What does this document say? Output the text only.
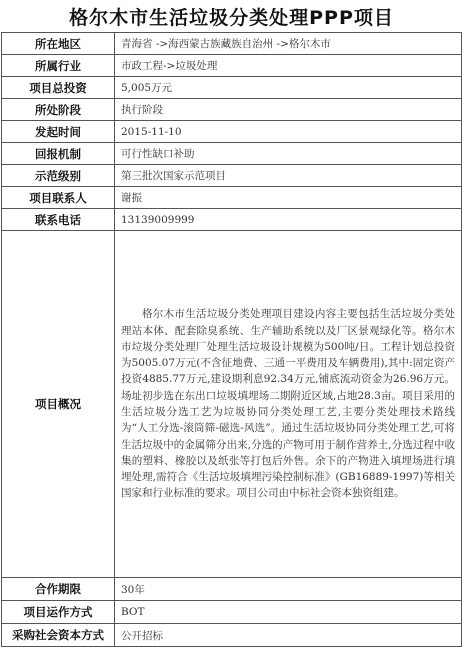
格尔木市生活垃圾分类处理PPP项目
所在地区	青海省 ->海西蒙古族藏族自治州 ->格尔木市
所属行业	市政工程->垃圾处理
项目总投资	5,005万元
所处阶段	执行阶段
发起时间	2015-11-10
回报机制	可行性缺口补助
示范级别	第三批次国家示范项目
项目联系人	谢振
联系电话	13139009999
项目概况	格尔木市生活垃圾分类处理项目建设内容主要包括生活垃圾分类处理站本体、配套除臭系统、生产辅助系统以及厂区景观绿化等。格尔木市垃圾分类处理厂处理生活垃圾设计规模为500吨/日。工程计划总投资为5005.07万元(不含征地费、三通一平费用及车辆费用),其中:固定资产投资4885.77万元,建设期利息92.34万元,铺底流动资金为26.96万元。场址初步选在东出口垃圾填埋场二期附近区域,占地28.3亩。项目采用的生活垃圾分选工艺为垃圾协同分类处理工艺,主要分类处理技术路线为“人工分选-滚筒筛-磁选-风选”。通过生活垃圾协同分类处理工艺,可将生活垃圾中的金属筛分出来,分选的产物可用于制作营养土,分选过程中收集的塑料、橡胶以及纸张等打包后外售。余下的产物进入填埋场进行填埋处理,需符合《生活垃圾填埋污染控制标准》(GB16889-1997)等相关国家和行业标准的要求。项目公司由中标社会资本独资组建。

合作期限	30年
项目运作方式	BOT
采购社会资本方式	公开招标
